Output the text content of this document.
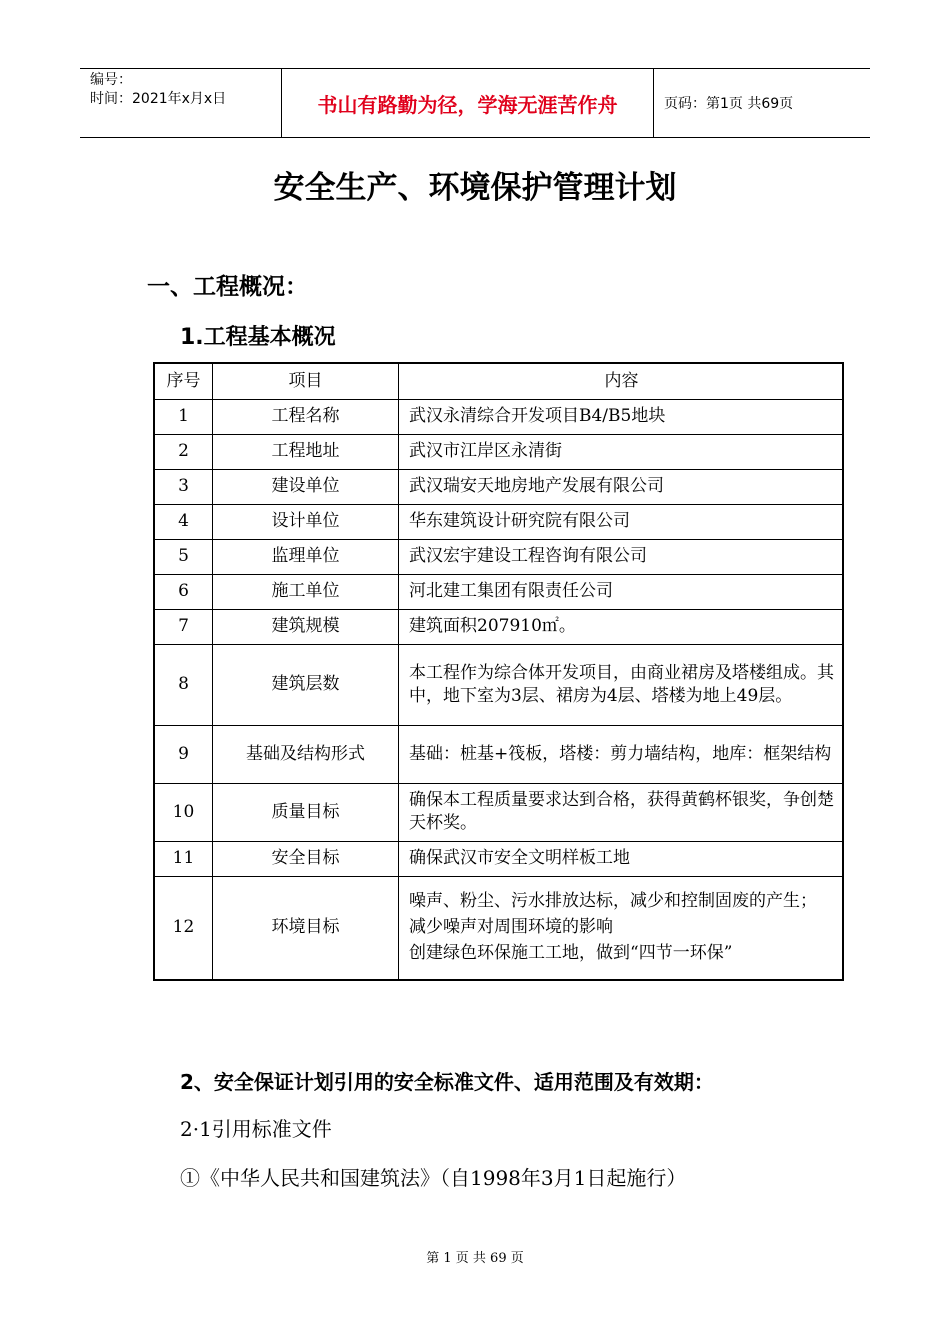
编号：
时间：2021年x月x日	书山有路勤为径，学海无涯苦作舟	页码：第1页 共69页
安全生产、环境保护管理计划
一、工程概况：
1.工程基本概况
序号	项目	内容
1	工程名称	武汉永清综合开发项目B4/B5地块
2	工程地址	武汉市江岸区永清街
3	建设单位	武汉瑞安天地房地产发展有限公司
4	设计单位	华东建筑设计研究院有限公司
5	监理单位	武汉宏宇建设工程咨询有限公司
6	施工单位	河北建工集团有限责任公司
7	建筑规模	建筑面积207910㎡。
8	建筑层数	本工程作为综合体开发项目，由商业裙房及塔楼组成。其中，地下室为3层、裙房为4层、塔楼为地上49层。
9	基础及结构形式	基础：桩基+筏板，塔楼：剪力墙结构，地库：框架结构
10	质量目标	确保本工程质量要求达到合格，获得黄鹤杯银奖，争创楚天杯奖。
11	安全目标	确保武汉市安全文明样板工地
12	环境目标	噪声、粉尘、污水排放达标，减少和控制固废的产生；
减少噪声对周围环境的影响
创建绿色环保施工工地，做到“四节一环保”
2、安全保证计划引用的安全标准文件、适用范围及有效期：
2·1引用标准文件
①《中华人民共和国建筑法》（自1998年3月1日起施行）
第 1 页 共 69 页
